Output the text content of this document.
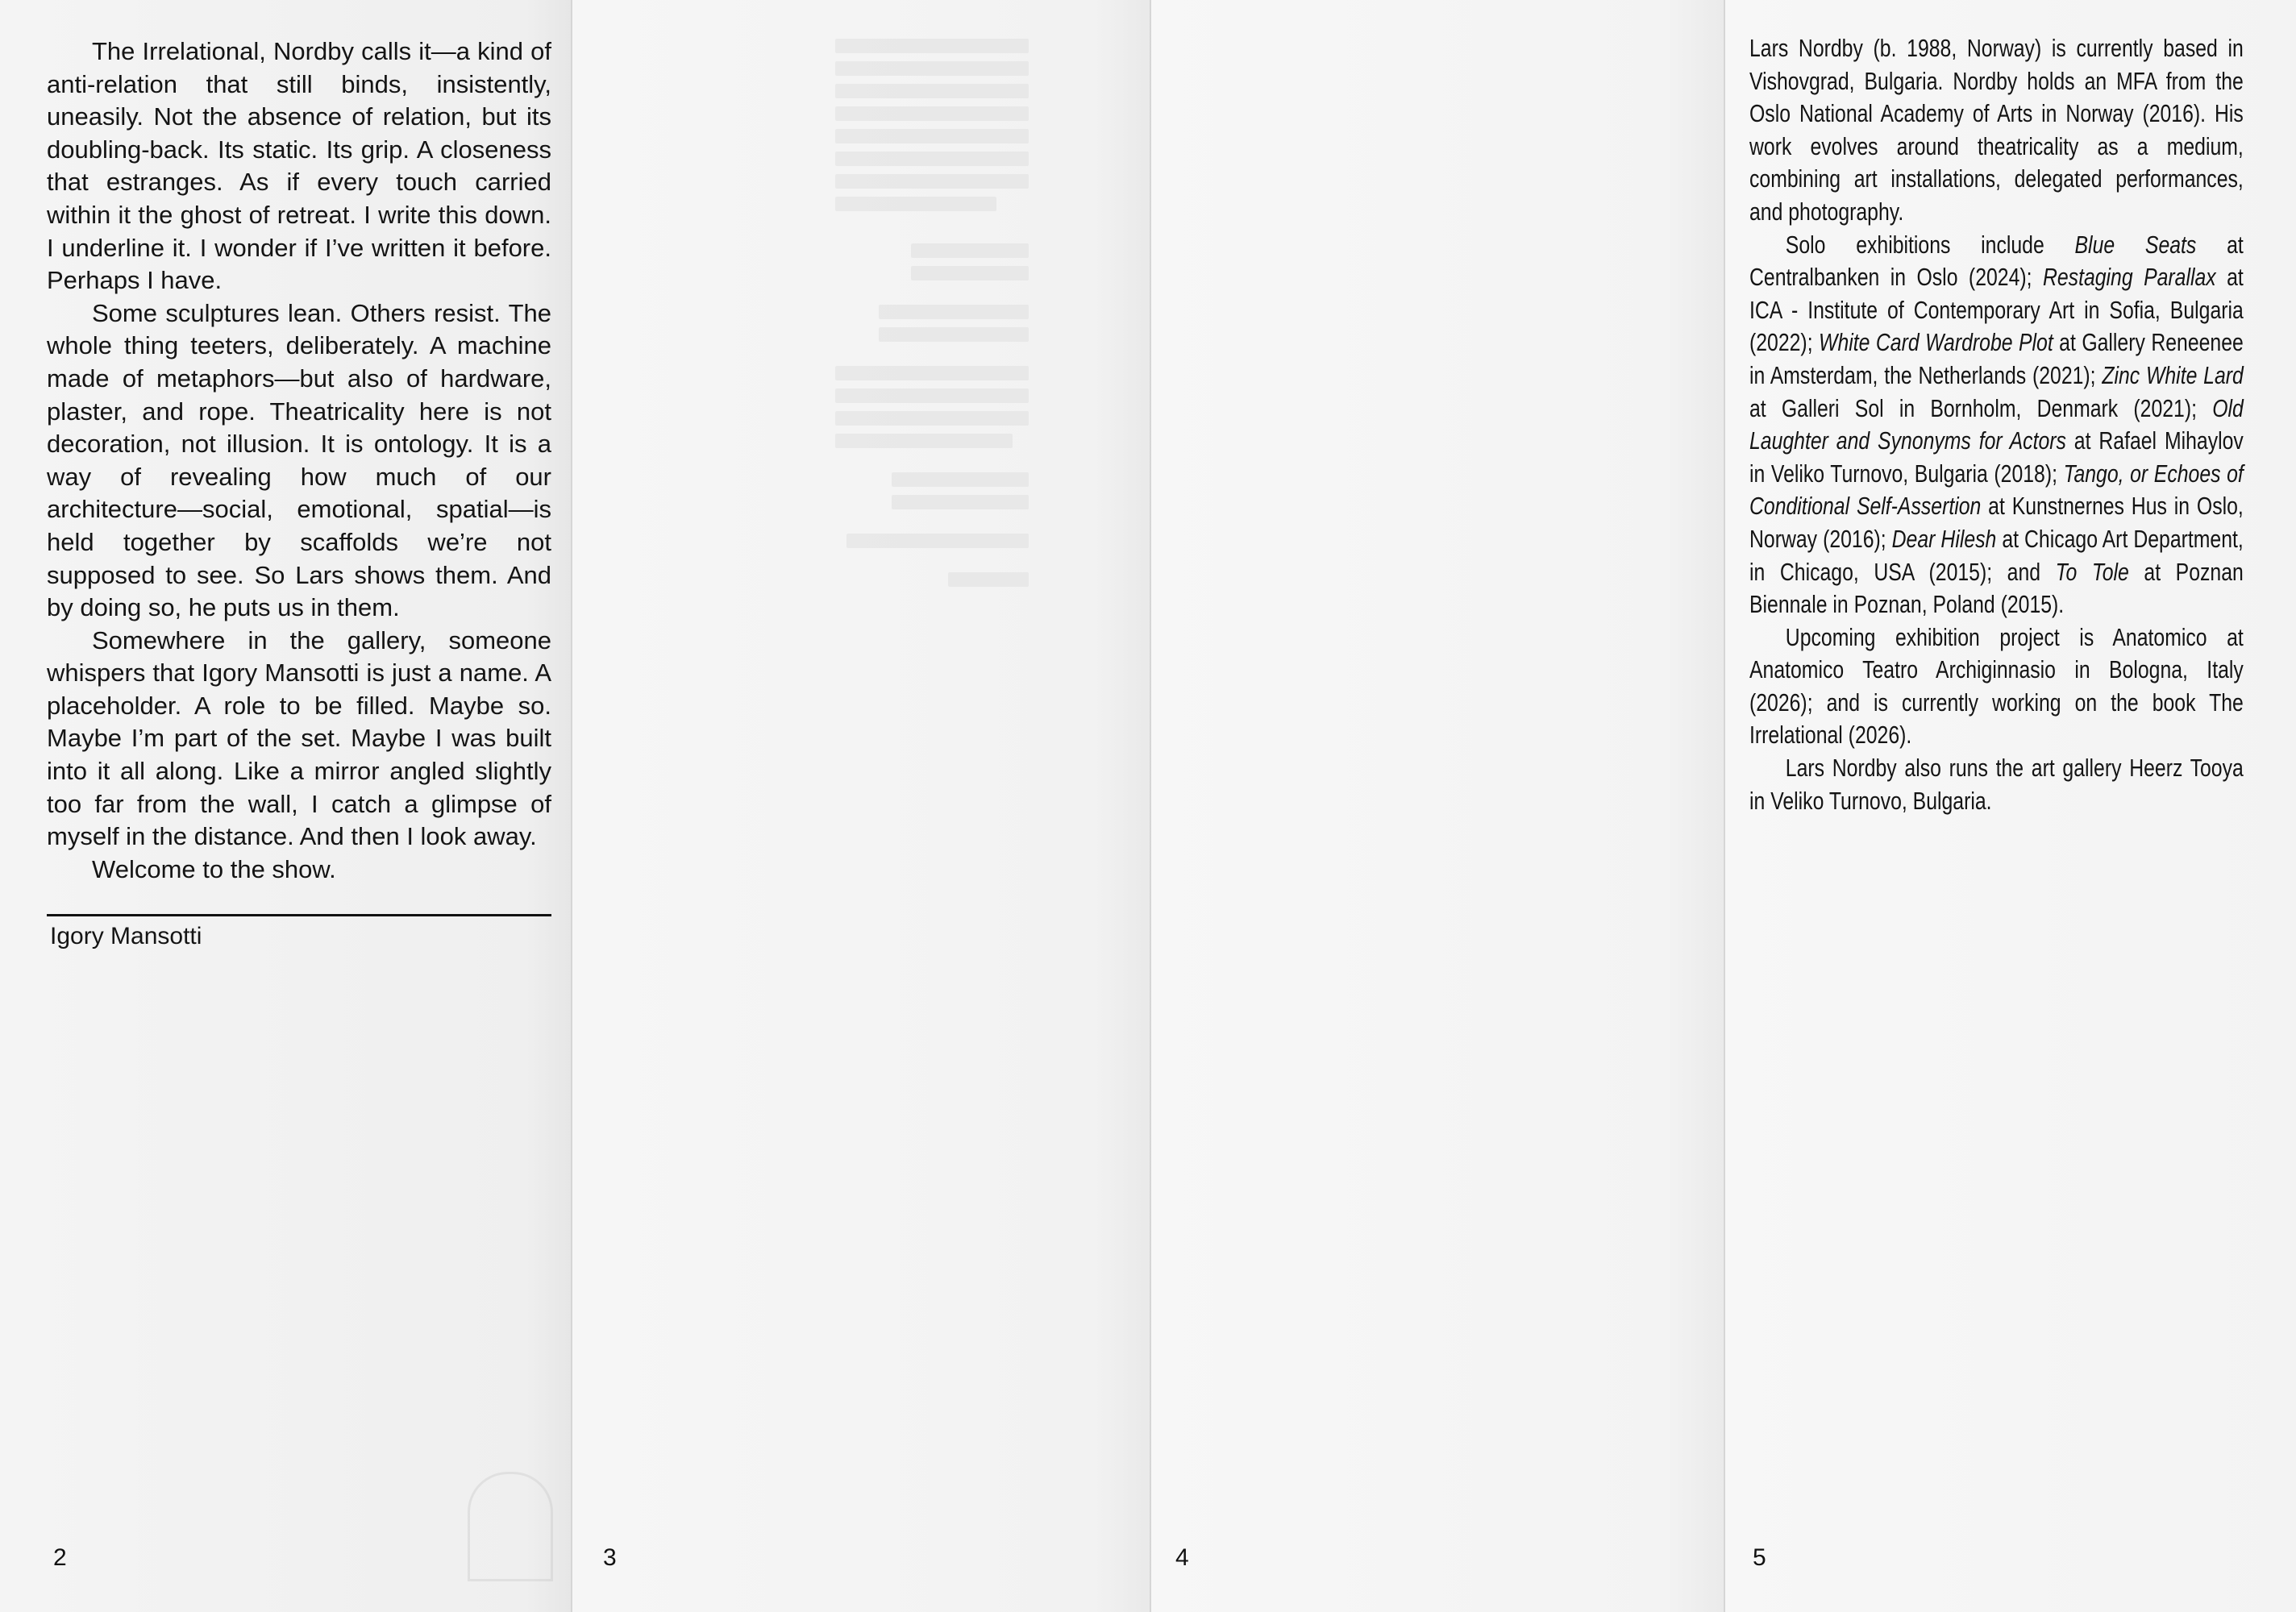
The Irrelational, Nordby calls it—a kind of anti-relation that still binds, insistently, uneasily. Not the absence of relation, but its doubling-back. Its static. Its grip. A closeness that estranges. As if every touch carried within it the ghost of retreat. I write this down. I underline it. I wonder if I’ve written it before. Perhaps I have.

Some sculptures lean. Others resist. The whole thing teeters, deliberately. A machine made of metaphors—but also of hardware, plaster, and rope. Theatricality here is not decoration, not illusion. It is ontology. It is a way of revealing how much of our architecture—social, emotional, spatial—is held together by scaffolds we’re not supposed to see. So Lars shows them. And by doing so, he puts us in them.

Somewhere in the gallery, someone whispers that Igory Mansotti is just a name. A placeholder. A role to be filled. Maybe so. Maybe I’m part of the set. Maybe I was built into it all along. Like a mirror angled slightly too far from the wall, I catch a glimpse of myself in the distance. And then I look away.

Welcome to the show.

Igory Mansotti
2	3	4

Lars Nordby (b. 1988, Norway) is currently based in Vishovgrad, Bulgaria. Nordby holds an MFA from the Oslo National Academy of Arts in Norway (2016). His work evolves around theatricality as a medium, combining art installations, delegated performances, and photography.

Solo exhibitions include Blue Seats at Centralbanken in Oslo (2024); Restaging Parallax at ICA - Institute of Contemporary Art in Sofia, Bulgaria (2022); White Card Wardrobe Plot at Gallery Reneenee in Amsterdam, the Netherlands (2021); Zinc White Lard at Galleri Sol in Bornholm, Denmark (2021); Old Laughter and Synonyms for Actors at Rafael Mihaylov in Veliko Turnovo, Bulgaria (2018); Tango, or Echoes of Conditional Self-Assertion at Kunstnernes Hus in Oslo, Norway (2016); Dear Hilesh at Chicago Art Department, in Chicago, USA (2015); and To Tole at Poznan Biennale in Poznan, Poland (2015).

Upcoming exhibition project is Anatomico at Anatomico Teatro Archiginnasio in Bologna, Italy (2026); and is currently working on the book The Irrelational (2026).

Lars Nordby also runs the art gallery Heerz Tooya in Veliko Turnovo, Bulgaria.

5
